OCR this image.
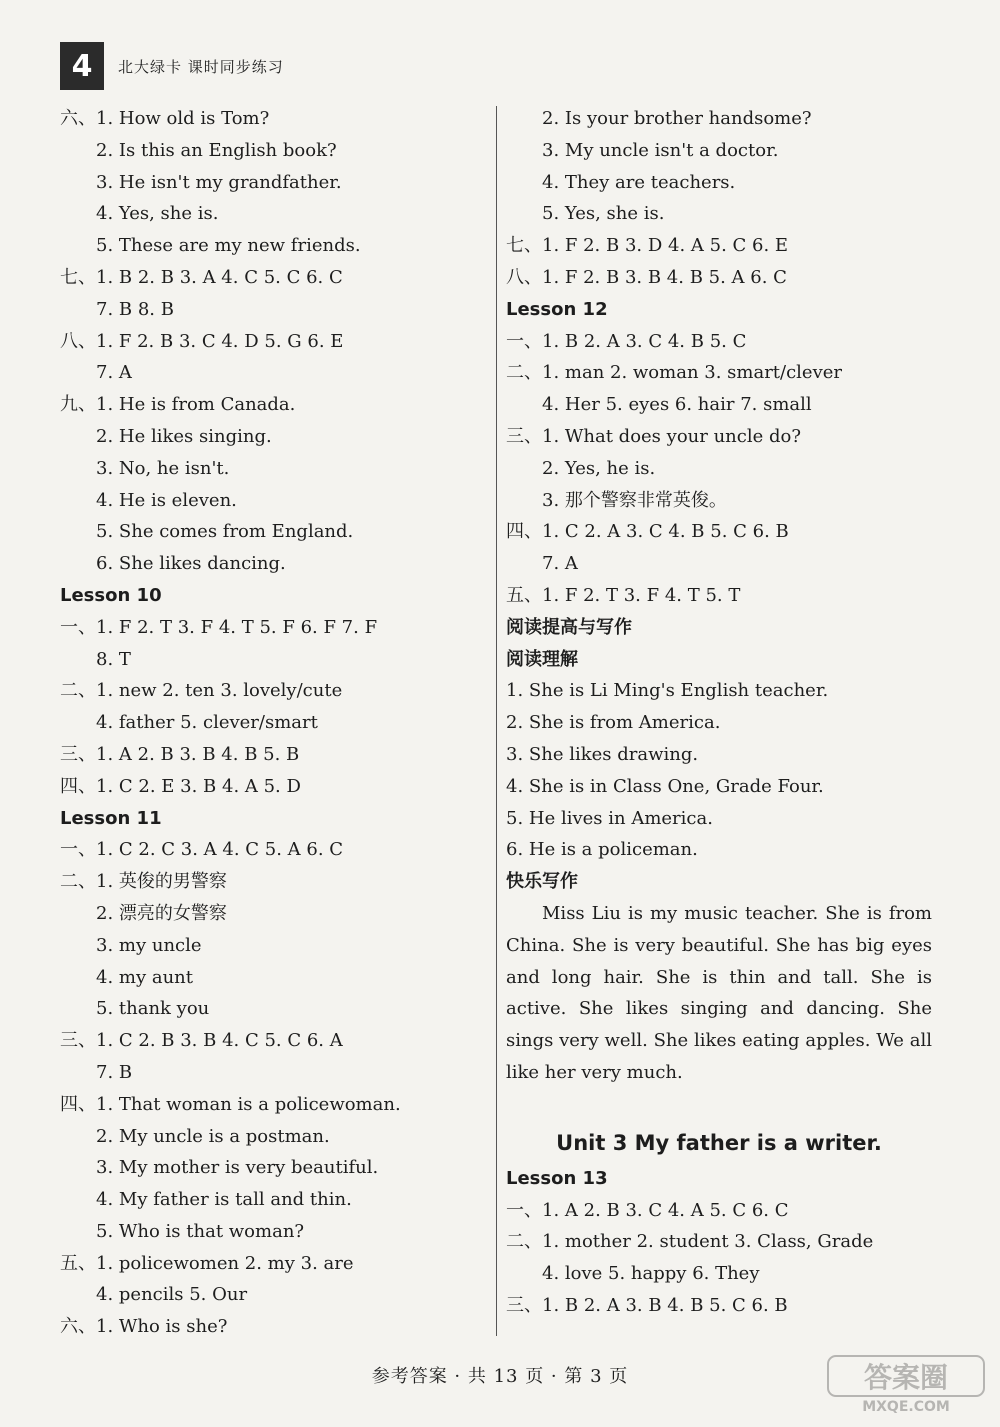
4	北大绿卡 课时同步练习
六、1. How old is Tom?
2. Is this an English book?
3. He isn't my grandfather.
4. Yes, she is.
5. These are my new friends.
七、1. B 2. B 3. A 4. C 5. C 6. C
7. B 8. B
八、1. F 2. B 3. C 4. D 5. G 6. E
7. A
九、1. He is from Canada.
2. He likes singing.
3. No, he isn't.
4. He is eleven.
5. She comes from England.
6. She likes dancing.
Lesson 10
一、1. F 2. T 3. F 4. T 5. F 6. F 7. F
8. T
二、1. new 2. ten 3. lovely/cute
4. father 5. clever/smart
三、1. A 2. B 3. B 4. B 5. B
四、1. C 2. E 3. B 4. A 5. D
Lesson 11
一、1. C 2. C 3. A 4. C 5. A 6. C
二、1. 英俊的男警察
2. 漂亮的女警察
3. my uncle
4. my aunt
5. thank you
三、1. C 2. B 3. B 4. C 5. C 6. A
7. B
四、1. That woman is a policewoman.
2. My uncle is a postman.
3. My mother is very beautiful.
4. My father is tall and thin.
5. Who is that woman?
五、1. policewomen 2. my 3. are
4. pencils 5. Our
六、1. Who is she?
2. Is your brother handsome?
3. My uncle isn't a doctor.
4. They are teachers.
5. Yes, she is.
七、1. F 2. B 3. D 4. A 5. C 6. E
八、1. F 2. B 3. B 4. B 5. A 6. C
Lesson 12
一、1. B 2. A 3. C 4. B 5. C
二、1. man 2. woman 3. smart/clever
4. Her 5. eyes 6. hair 7. small
三、1. What does your uncle do?
2. Yes, he is.
3. 那个警察非常英俊。
四、1. C 2. A 3. C 4. B 5. C 6. B
7. A
五、1. F 2. T 3. F 4. T 5. T
阅读提高与写作
阅读理解
1. She is Li Ming's English teacher.
2. She is from America.
3. She likes drawing.
4. She is in Class One, Grade Four.
5. He lives in America.
6. He is a policeman.
快乐写作

Miss Liu is my music teacher. She is from China. She is very beautiful. She has big eyes and long hair. She is thin and tall. She is active. She likes singing and dancing. She sings very well. She likes eating apples. We all like her very much.

Unit 3 My father is a writer.
Lesson 13
一、1. A 2. B 3. C 4. A 5. C 6. C
二、1. mother 2. student 3. Class, Grade
4. love 5. happy 6. They
三、1. B 2. A 3. B 4. B 5. C 6. B
参考答案 · 共 13 页 · 第 3 页	答案圈
MXQE.COM
